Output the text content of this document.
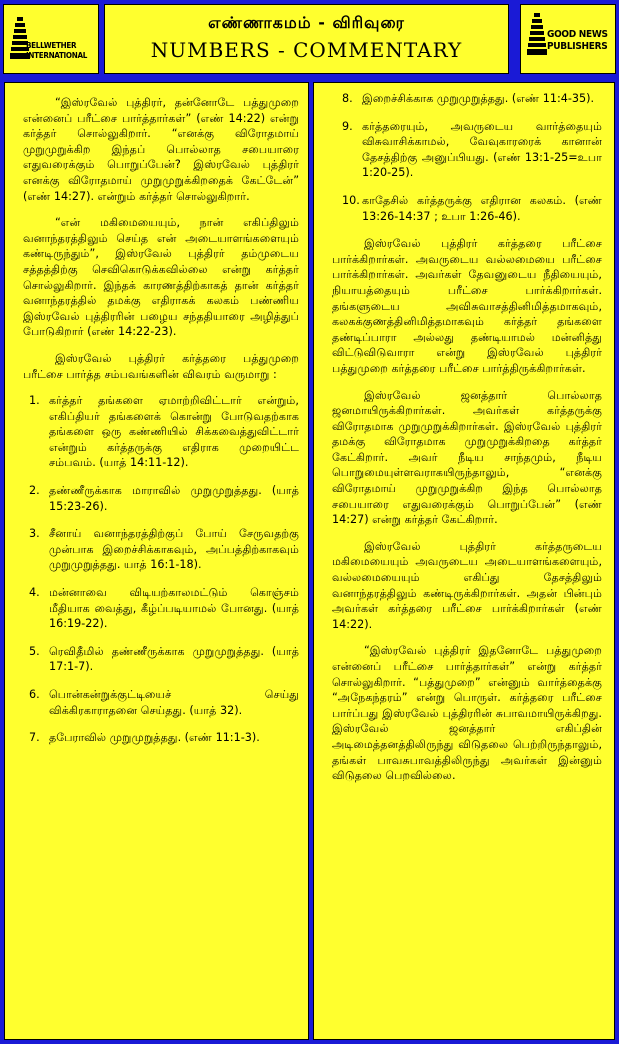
BELLWETHER INTERNATIONAL
எண்ணாகமம் - விரிவுரை
NUMBERS - COMMENTARY
GOOD NEWS PUBLISHERS

“இஸ்ரவேல் புத்திரர், தன்னோடே பத்துமுறை என்னைப் பரீட்சை பார்த்தார்கள்” (எண் 14:22) என்று கர்த்தர் சொல்லுகிறார். “எனக்கு விரோதமாய் முறுமுறுக்கிற இந்தப் பொல்லாத சபையாரை எதுவரைக்கும் பொறுப்பேன்? இஸ்ரவேல் புத்திரர் எனக்கு விரோதமாய் முறுமுறுக்கிறதைக் கேட்டேன்” (எண் 14:27). என்றும் கர்த்தர் சொல்லுகிறார்.

“என் மகிமையையும், நான் எகிப்திலும் வனாந்தரத்திலும் செய்த என் அடையாளங்களையும் கண்டிருந்தும்”, இஸ்ரவேல் புத்திரர் தம்முடைய சத்தத்திற்கு செவிகொடுக்கவில்லை என்று கர்த்தர் சொல்லுகிறார். இந்தக் காரணத்திற்காகத் தான் கர்த்தர் வனாந்தரத்தில் தமக்கு எதிராகக் கலகம் பண்ணிய இஸ்ரவேல் புத்திரரின் பழைய சந்ததியாரை அழித்துப் போடுகிறார் (எண் 14:22-23).

இஸ்ரவேல் புத்திரர் கர்த்தரை பத்துமுறை பரீட்சை பார்த்த சம்பவங்களின் விவரம் வருமாறு :

1. கர்த்தர் தங்களை ஏமாற்றிவிட்டார் என்றும், எகிப்தியர் தங்களைக் கொன்று போடுவதற்காக தங்களை ஒரு கண்ணியில் சிக்கவைத்துவிட்டார் என்றும் கர்த்தருக்கு எதிராக முறையிட்ட சம்பவம். (யாத் 14:11-12).
2. தண்ணீருக்காக மாராவில் முறுமுறுத்தது. (யாத் 15:23-26).
3. சீனாய் வனாந்தரத்திற்குப் போய் சேருவதற்கு முன்பாக இறைச்சிக்காகவும், அப்பத்திற்காகவும் முறுமுறுத்தது. யாத் 16:1-18).
4. மன்னாவை விடியற்காலமட்டும் கொஞ்சம் மீதியாக வைத்து, கீழ்ப்படியாமல் போனது. (யாத் 16:19-22).
5. ரெவிதீமில் தண்ணீருக்காக முறுமுறுத்தது. (யாத் 17:1-7).
6. பொன்கன்றுக்குட்டியைச் செய்து விக்கிரகாராதனை செய்தது. (யாத் 32).
7. தபேராவில் முறுமுறுத்தது. (எண் 11:1-3).
8. இறைச்சிக்காக முறுமுறுத்தது. (எண் 11:4-35).
9. கர்த்தரையும், அவருடைய வார்த்தையும் விசுவாசிக்காமல், வேவுகாரரைக் கானான் தேசத்திற்கு அனுப்பியது. (எண் 13:1-25=உபா 1:20-25).
10. காதேசில் கர்த்தருக்கு எதிரான கலகம். (எண் 13:26-14:37 ; உபா 1:26-46).

இஸ்ரவேல் புத்திரர் கர்த்தரை பரீட்சை பார்க்கிறார்கள். அவருடைய வல்லமையை பரீட்சை பார்க்கிறார்கள். அவர்கள் தேவனுடைய நீதியையும், நியாயத்தையும் பரீட்சை பார்க்கிறார்கள். தங்களுடைய அவிசுவாசத்தினிமித்தமாகவும், கலகக்குணத்தினிமித்தமாகவும் கர்த்தர் தங்களை தண்டிப்பாரா அல்லது தண்டியாமல் மன்னித்து விட்டுவிடுவாரா என்று இஸ்ரவேல் புத்திரர் பத்துமுறை கர்த்தரை பரீட்சை பார்த்திருக்கிறார்கள்.

இஸ்ரவேல் ஜனத்தார் பொல்லாத ஜனமாயிருக்கிறார்கள். அவர்கள் கர்த்தருக்கு விரோதமாக முறுமுறுக்கிறார்கள். இஸ்ரவேல் புத்திரர் தமக்கு விரோதமாக முறுமுறுக்கிறதை கர்த்தர் கேட்கிறார். அவர் நீடிய சாந்தமும், நீடிய பொறுமையுள்ளவராகயிருந்தாலும், “எனக்கு விரோதமாய் முறுமுறுக்கிற இந்த பொல்லாத சபையாரை எதுவரைக்கும் பொறுப்பேன்” (எண் 14:27) என்று கர்த்தர் கேட்கிறார்.

இஸ்ரவேல் புத்திரர் கர்த்தருடைய மகிமையையும் அவருடைய அடையாளங்களையும், வல்லமையையும் எகிப்து தேசத்திலும் வனாந்தரத்திலும் கண்டிருக்கிறார்கள். அதன் பின்பும் அவர்கள் கர்த்தரை பரீட்சை பார்க்கிறார்கள் (எண் 14:22).

“இஸ்ரவேல் புத்திரர் இதனோடே பத்துமுறை என்னைப் பரீட்சை பார்த்தார்கள்” என்று கர்த்தர் சொல்லுகிறார். “பத்துமுறை” என்னும் வார்த்தைக்கு “அநேகந்தரம்” என்று பொருள். கர்த்தரை பரீட்சை பார்ப்பது இஸ்ரவேல் புத்திரரின் சுபாவமாயிருக்கிறது. இஸ்ரவேல் ஜனத்தார் எகிப்தின் அடிமைத்தனத்திலிருந்து விடுதலை பெற்றிருந்தாலும், தங்கள் பாவசுபாவத்திலிருந்து அவர்கள் இன்னும் விடுதலை பெறவில்லை.
